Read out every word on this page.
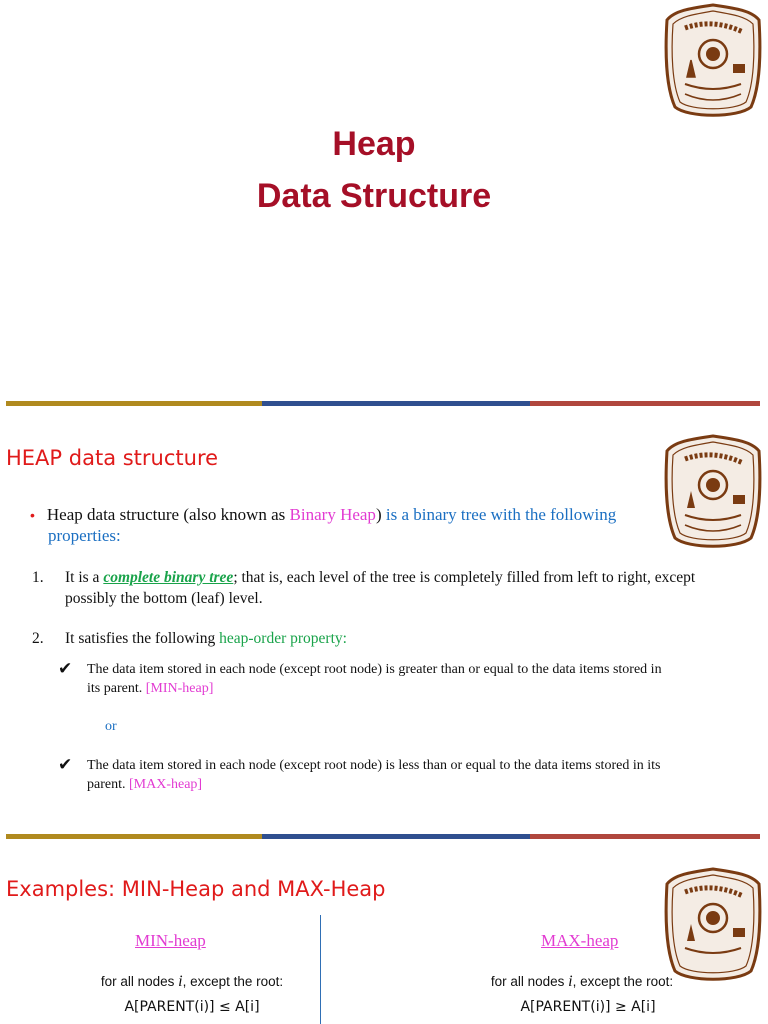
Heap
Data Structure
HEAP data structure
• Heap data structure (also known as Binary Heap) is a binary tree with the following
properties:
1. It is a complete binary tree; that is, each level of the tree is completely filled from left to right, except possibly the bottom (leaf) level.
2. It satisfies the following heap-order property:
✔ The data item stored in each node (except root node) is greater than or equal to the data items stored in its parent. [MIN-heap]
or
✔ The data item stored in each node (except root node) is less than or equal to the data items stored in its parent. [MAX-heap]
Examples: MIN-Heap and MAX-Heap
MIN-heap
for all nodes i, except the root:
A[PARENT(i)] ≤ A[i]
MAX-heap
for all nodes i, except the root:
A[PARENT(i)] ≥ A[i]
